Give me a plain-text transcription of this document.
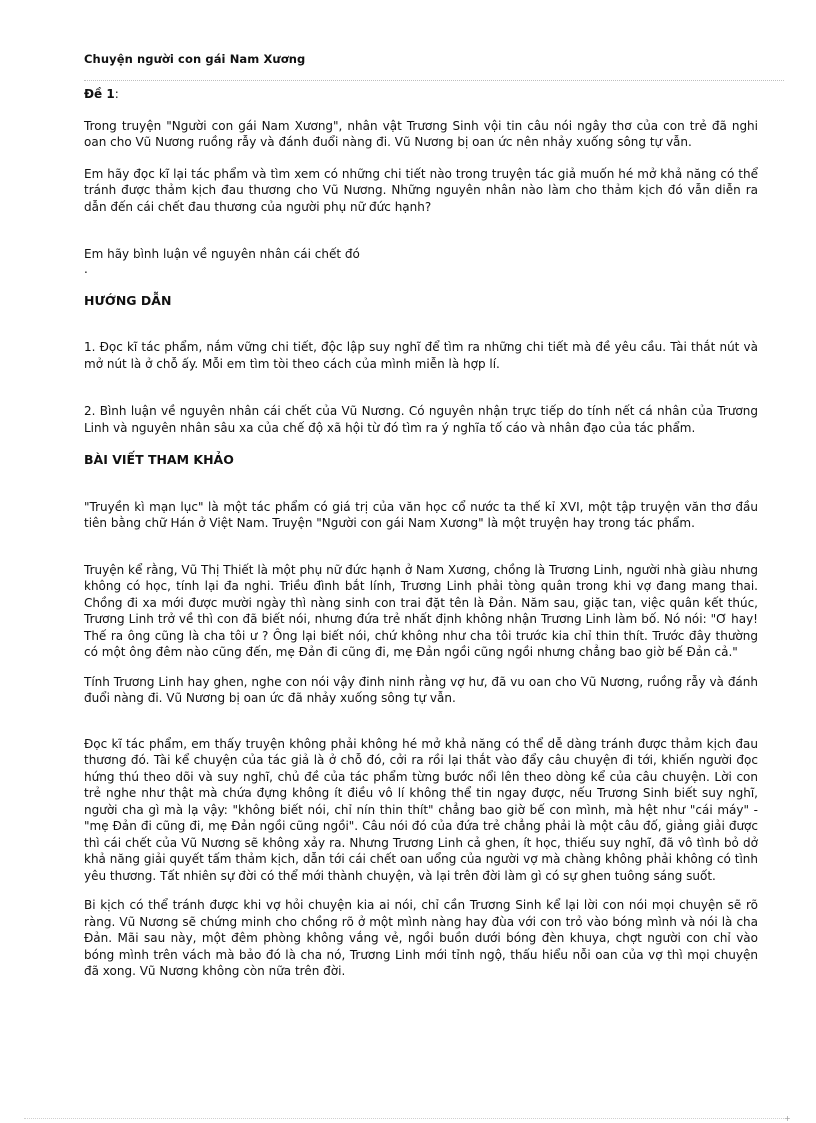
Chuyện người con gái Nam Xương

Đề 1:

Trong truyện "Người con gái Nam Xương", nhân vật Trương Sinh vội tin câu nói ngây thơ của con trẻ đã nghi oan cho Vũ Nương ruồng rẫy và đánh đuổi nàng đi. Vũ Nương bị oan ức nên nhảy xuống sông tự vẫn.

Em hãy đọc kĩ lại tác phẩm và tìm xem có những chi tiết nào trong truyện tác giả muốn hé mở khả năng có thể tránh được thảm kịch đau thương cho Vũ Nương. Những nguyên nhân nào làm cho thảm kịch đó vẫn diễn ra dẫn đến cái chết đau thương của người phụ nữ đức hạnh?

Em hãy bình luận về nguyên nhân cái chết đó

.

HƯỚNG DẪN

1. Đọc kĩ tác phẩm, nắm vững chi tiết, độc lập suy nghĩ để tìm ra những chi tiết mà đề yêu cầu. Tài thắt nút và mở nút là ở chỗ ấy. Mỗi em tìm tòi theo cách của mình miễn là hợp lí.

2. Bình luận về nguyên nhân cái chết của Vũ Nương. Có nguyên nhận trực tiếp do tính nết cá nhân của Trương Linh và nguyên nhân sâu xa của chế độ xã hội từ đó tìm ra ý nghĩa tố cáo và nhân đạo của tác phẩm.

BÀI VIẾT THAM KHẢO

"Truyền kì mạn lục" là một tác phẩm có giá trị của văn học cổ nước ta thế kỉ XVI, một tập truyện văn thơ đầu tiên bằng chữ Hán ở Việt Nam. Truyện "Người con gái Nam Xương" là một truyện hay trong tác phẩm.

Truyện kể rằng, Vũ Thị Thiết là một phụ nữ đức hạnh ở Nam Xương, chồng là Trương Linh, người nhà giàu nhưng không có học, tính lại đa nghi. Triều đình bắt lính, Trương Linh phải tòng quân trong khi vợ đang mang thai. Chồng đi xa mới được mười ngày thì nàng sinh con trai đặt tên là Đản. Năm sau, giặc tan, việc quân kết thúc, Trương Linh trở về thì con đã biết nói, nhưng đứa trẻ nhất định không nhận Trương Linh làm bố. Nó nói: "Ơ hay! Thế ra ông cũng là cha tôi ư ? Ông lại biết nói, chứ không như cha tôi trước kia chỉ thin thít. Trước đây thường có một ông đêm nào cũng đến, mẹ Đản đi cũng đi, mẹ Đản ngồi cũng ngồi nhưng chẳng bao giờ bế Đản cả."

Tính Trương Linh hay ghen, nghe con nói vậy đinh ninh rằng vợ hư, đã vu oan cho Vũ Nương, ruồng rẫy và đánh đuổi nàng đi. Vũ Nương bị oan ức đã nhảy xuống sông tự vẫn.

Đọc kĩ tác phẩm, em thấy truyện không phải không hé mở khả năng có thể dễ dàng tránh được thảm kịch đau thương đó. Tài kể chuyện của tác giả là ở chỗ đó, cởi ra rồi lại thắt vào đẩy câu chuyện đi tới, khiến người đọc hứng thú theo dõi và suy nghĩ, chủ đề của tác phẩm từng bước nổi lên theo dòng kể của câu chuyện. Lời con trẻ nghe như thật mà chứa đựng không ít điều vô lí không thể tin ngay được, nếu Trương Sinh biết suy nghĩ, người cha gì mà lạ vậy: "không biết nói, chỉ nín thin thít" chẳng bao giờ bế con mình, mà hệt như "cái máy" - "mẹ Đản đi cũng đi, mẹ Đản ngồi cũng ngồi". Câu nói đó của đứa trẻ chẳng phải là một câu đố, giảng giải được thì cái chết của Vũ Nương sẽ không xảy ra. Nhưng Trương Linh cả ghen, ít học, thiếu suy nghĩ, đã vô tình bỏ dở khả năng giải quyết tấm thảm kịch, dẫn tới cái chết oan uổng của người vợ mà chàng không phải không có tình yêu thương. Tất nhiên sự đời có thể mới thành chuyện, và lại trên đời làm gì có sự ghen tuông sáng suốt.

Bi kịch có thể tránh được khi vợ hỏi chuyện kia ai nói, chỉ cần Trương Sinh kể lại lời con nói mọi chuyện sẽ rõ ràng. Vũ Nương sẽ chứng minh cho chồng rõ ở một mình nàng hay đùa với con trỏ vào bóng mình và nói là cha Đản. Mãi sau này, một đêm phòng không vắng vẻ, ngồi buồn dưới bóng đèn khuya, chợt người con chỉ vào bóng mình trên vách mà bảo đó là cha nó, Trương Linh mới tỉnh ngộ, thấu hiểu nỗi oan của vợ thì mọi chuyện đã xong. Vũ Nương không còn nữa trên đời.

+
